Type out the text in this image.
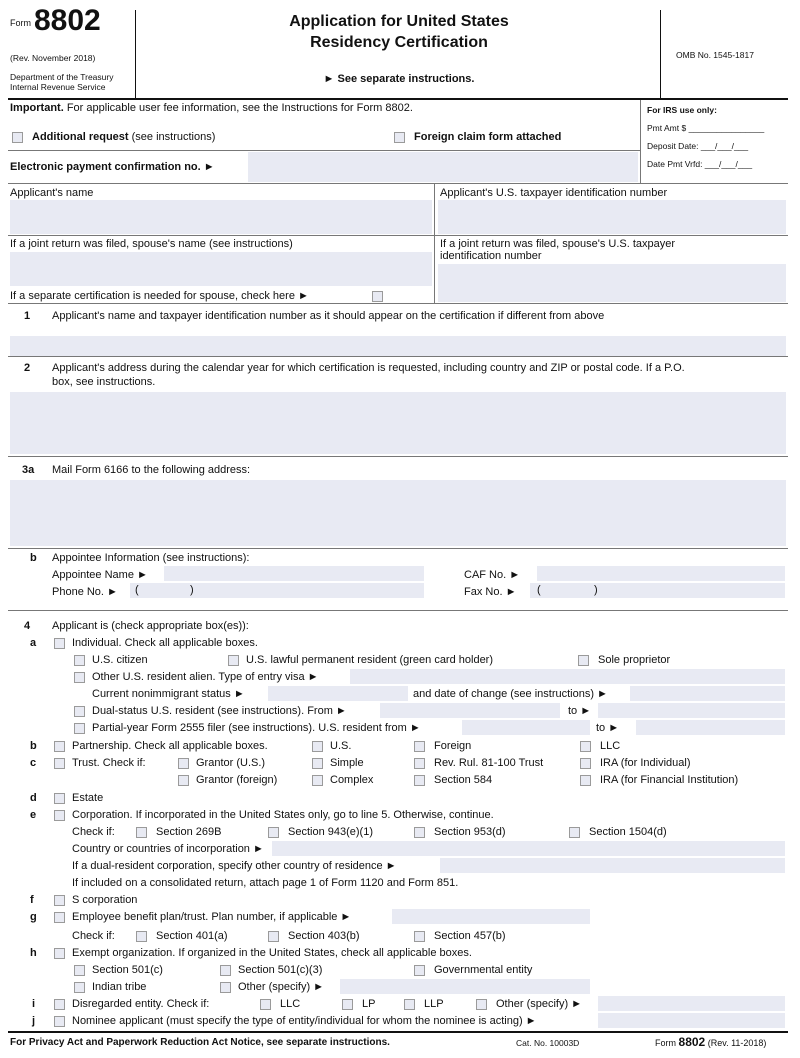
Form 8802
(Rev. November 2018)
Department of the Treasury
Internal Revenue Service
Application for United States
Residency Certification
► See separate instructions.
OMB No. 1545-1817
Important. For applicable user fee information, see the Instructions for Form 8802.	For IRS use only:
Pmt Amt $ ________________
Deposit Date: ___/___/___
Date Pmt Vrfd: ___/___/___
Additional request (see instructions)	Foreign claim form attached
Electronic payment confirmation no. ►
Applicant's name	Applicant's U.S. taxpayer identification number
If a joint return was filed, spouse's name (see instructions)	If a joint return was filed, spouse's U.S. taxpayer
identification number
If a separate certification is needed for spouse, check here ►
1 Applicant's name and taxpayer identification number as it should appear on the certification if different from above
2 Applicant's address during the calendar year for which certification is requested, including country and ZIP or postal code. If a P.O.
box, see instructions.
3a Mail Form 6166 to the following address:
b Appointee Information (see instructions):
Appointee Name ►	CAF No. ►
Phone No. ► (	)	Fax No. ► (	)
4 Applicant is (check appropriate box(es)):
a	Individual. Check all applicable boxes.
U.S. citizen	U.S. lawful permanent resident (green card holder)	Sole proprietor
Other U.S. resident alien. Type of entry visa ►
Current nonimmigrant status ►	and date of change (see instructions) ►
Dual-status U.S. resident (see instructions). From ►	to ►
Partial-year Form 2555 filer (see instructions). U.S. resident from ►	to ►
b	Partnership. Check all applicable boxes.	U.S.	Foreign	LLC
c	Trust. Check if:	Grantor (U.S.)	Simple	Rev. Rul. 81-100 Trust	IRA (for Individual)
Grantor (foreign)	Complex	Section 584	IRA (for Financial Institution)
d	Estate
e	Corporation. If incorporated in the United States only, go to line 5. Otherwise, continue.
Check if:	Section 269B	Section 943(e)(1)	Section 953(d)	Section 1504(d)
Country or countries of incorporation ►
If a dual-resident corporation, specify other country of residence ►
If included on a consolidated return, attach page 1 of Form 1120 and Form 851.
f	S corporation
g	Employee benefit plan/trust. Plan number, if applicable ►
Check if:	Section 401(a)	Section 403(b)	Section 457(b)
h	Exempt organization. If organized in the United States, check all applicable boxes.
Section 501(c)	Section 501(c)(3)	Governmental entity
Indian tribe	Other (specify) ►
i	Disregarded entity. Check if:	LLC	LP	LLP	Other (specify) ►
j	Nominee applicant (must specify the type of entity/individual for whom the nominee is acting) ►
For Privacy Act and Paperwork Reduction Act Notice, see separate instructions.	Cat. No. 10003D	Form 8802 (Rev. 11-2018)
